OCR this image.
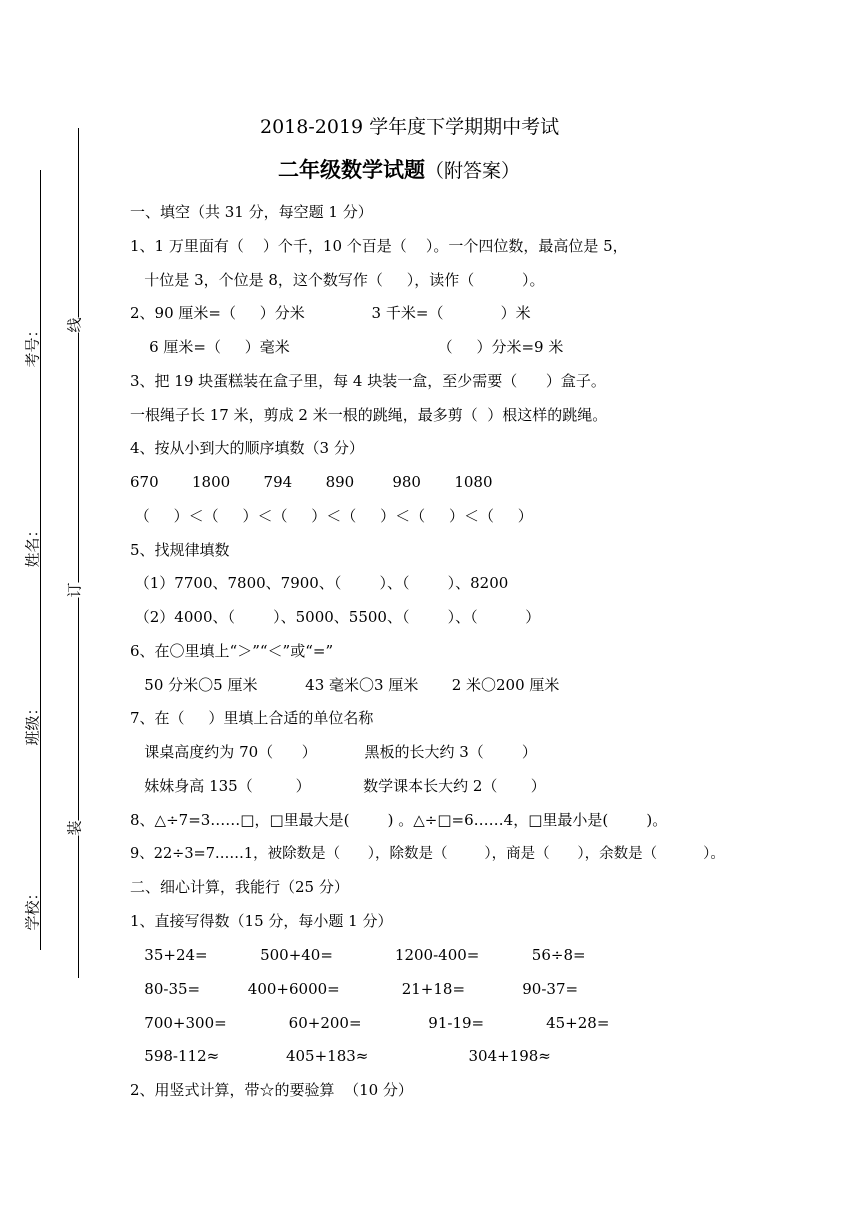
考号：
姓名：
班级：
学校：
线
订
装
2018-2019 学年度下学期期中考试
二年级数学试题（附答案）
一、填空（共 31 分，每空题 1 分）
1、1 万里面有（    ）个千，10 个百是（    ）。一个四位数，最高位是 5，
十位是 3，个位是 8，这个数写作（     ），读作（          ）。
2、90 厘米=（     ）分米              3 千米=（            ）米
6 厘米=（     ）毫米                               （     ）分米=9 米
3、把 19 块蛋糕装在盒子里，每 4 块装一盒，至少需要（      ）盒子。
一根绳子长 17 米，剪成 2 米一根的跳绳，最多剪（  ）根这样的跳绳。
4、按从小到大的顺序填数（3 分）
670       1800       794       890        980       1080
（     ）＜（     ）＜（     ）＜（     ）＜（     ）＜（     ）
5、找规律填数
（1）7700、7800、7900、（        ）、（        ）、8200
（2）4000、（        ）、5000、5500、（        ）、（          ）
6、在〇里填上“＞”“＜”或“=”
50 分米〇5 厘米          43 毫米〇3 厘米       2 米〇200 厘米
7、在（     ）里填上合适的单位名称
课桌高度约为 70（      ）          黑板的长大约 3（        ）
妹妹身高 135（         ）           数学课本长大约 2（       ）
8、△÷7=3……□，□里最大是(        ) 。△÷□=6……4，□里最小是(        )。
9、22÷3=7……1，被除数是（      ），除数是（        ），商是（      ），余数是（          ）。
二、细心计算，我能行（25 分）
1、直接写得数（15 分，每小题 1 分）
35+24=           500+40=             1200-400=           56÷8=
80-35=          400+6000=             21+18=            90-37=
700+300=             60+200=              91-19=             45+28=
598-112≈              405+183≈                     304+198≈
2、用竖式计算，带☆的要验算  （10 分）
